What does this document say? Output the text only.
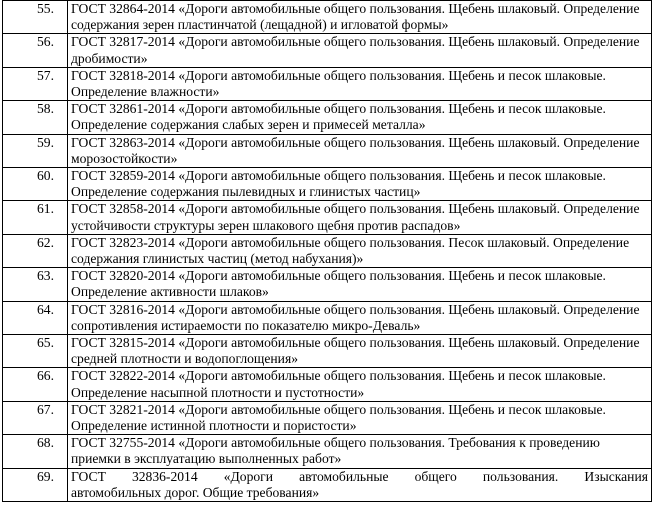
55.	ГОСТ 32864-2014 «Дороги автомобильные общего пользования. Щебень шлаковый. Определение содержания зерен пластинчатой (лещадной) и игловатой формы»
56.	ГОСТ 32817-2014 «Дороги автомобильные общего пользования. Щебень шлаковый. Определение дробимости»
57.	ГОСТ 32818-2014 «Дороги автомобильные общего пользования. Щебень и песок шлаковые. Определение влажности»
58.	ГОСТ 32861-2014 «Дороги автомобильные общего пользования. Щебень и песок шлаковые. Определение содержания слабых зерен и примесей металла»
59.	ГОСТ 32863-2014 «Дороги автомобильные общего пользования. Щебень шлаковый. Определение морозостойкости»
60.	ГОСТ 32859-2014 «Дороги автомобильные общего пользования. Щебень и песок шлаковые. Определение содержания пылевидных и глинистых частиц»
61.	ГОСТ 32858-2014 «Дороги автомобильные общего пользования. Щебень шлаковый. Определение устойчивости структуры зерен шлакового щебня против распадов»
62.	ГОСТ 32823-2014 «Дороги автомобильные общего пользования. Песок шлаковый. Определение содержания глинистых частиц (метод набухания)»
63.	ГОСТ 32820-2014 «Дороги автомобильные общего пользования. Щебень и песок шлаковые. Определение активности шлаков»
64.	ГОСТ 32816-2014 «Дороги автомобильные общего пользования. Щебень шлаковый. Определение сопротивления истираемости по показателю микро-Деваль»
65.	ГОСТ 32815-2014 «Дороги автомобильные общего пользования. Щебень шлаковый. Определение средней плотности и водопоглощения»
66.	ГОСТ 32822-2014 «Дороги автомобильные общего пользования. Щебень и песок шлаковые. Определение насыпной плотности и пустотности»
67.	ГОСТ 32821-2014 «Дороги автомобильные общего пользования. Щебень и песок шлаковые. Определение истинной плотности и пористости»
68.	ГОСТ 32755-2014 «Дороги автомобильные общего пользования. Требования к проведению приемки в эксплуатацию выполненных работ»
69.	ГОСТ 32836-2014 «Дороги автомобильные общего пользования. Изыскания
автомобильных дорог. Общие требования»
